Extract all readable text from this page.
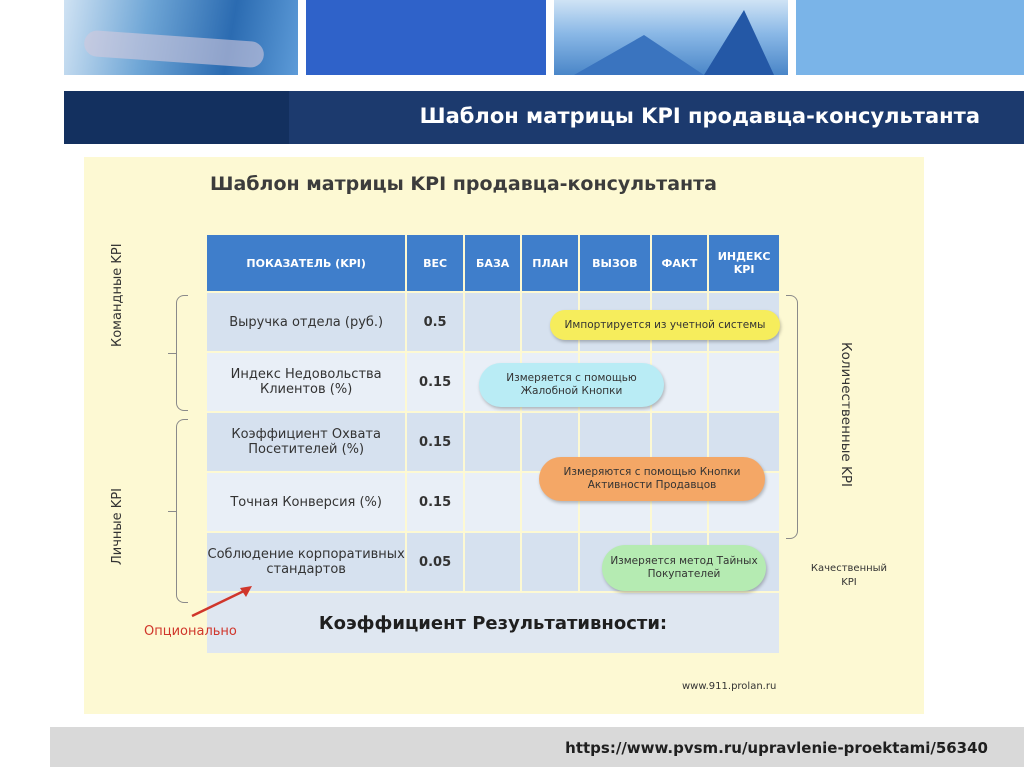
Шаблон матрицы KPI продавца-консультанта
Шаблон матрицы KPI продавца-консультанта
ПОКАЗАТЕЛЬ (KPI)	ВЕС	БАЗА	ПЛАН	ВЫЗОВ	ФАКТ	ИНДЕКС KPI
Выручка отдела (руб.)	0.5					
Индекс Недовольства Клиентов (%)	0.15					
Коэффициент Охвата Посетителей (%)	0.15					
Точная Конверсия (%)	0.15					
Соблюдение корпоративных стандартов	0.05					
Коэффициент Результативности:						
Импортируется из учетной системы
Измеряется с помощью Жалобной Кнопки
Измеряются с помощью Кнопки Активности Продавцов
Измеряется метод Тайных Покупателей
Командные KPI
Личные KPI
Количественные KPI
Качественный KPI
Опционально
www.911.prolan.ru
https://www.pvsm.ru/upravlenie-proektami/56340
